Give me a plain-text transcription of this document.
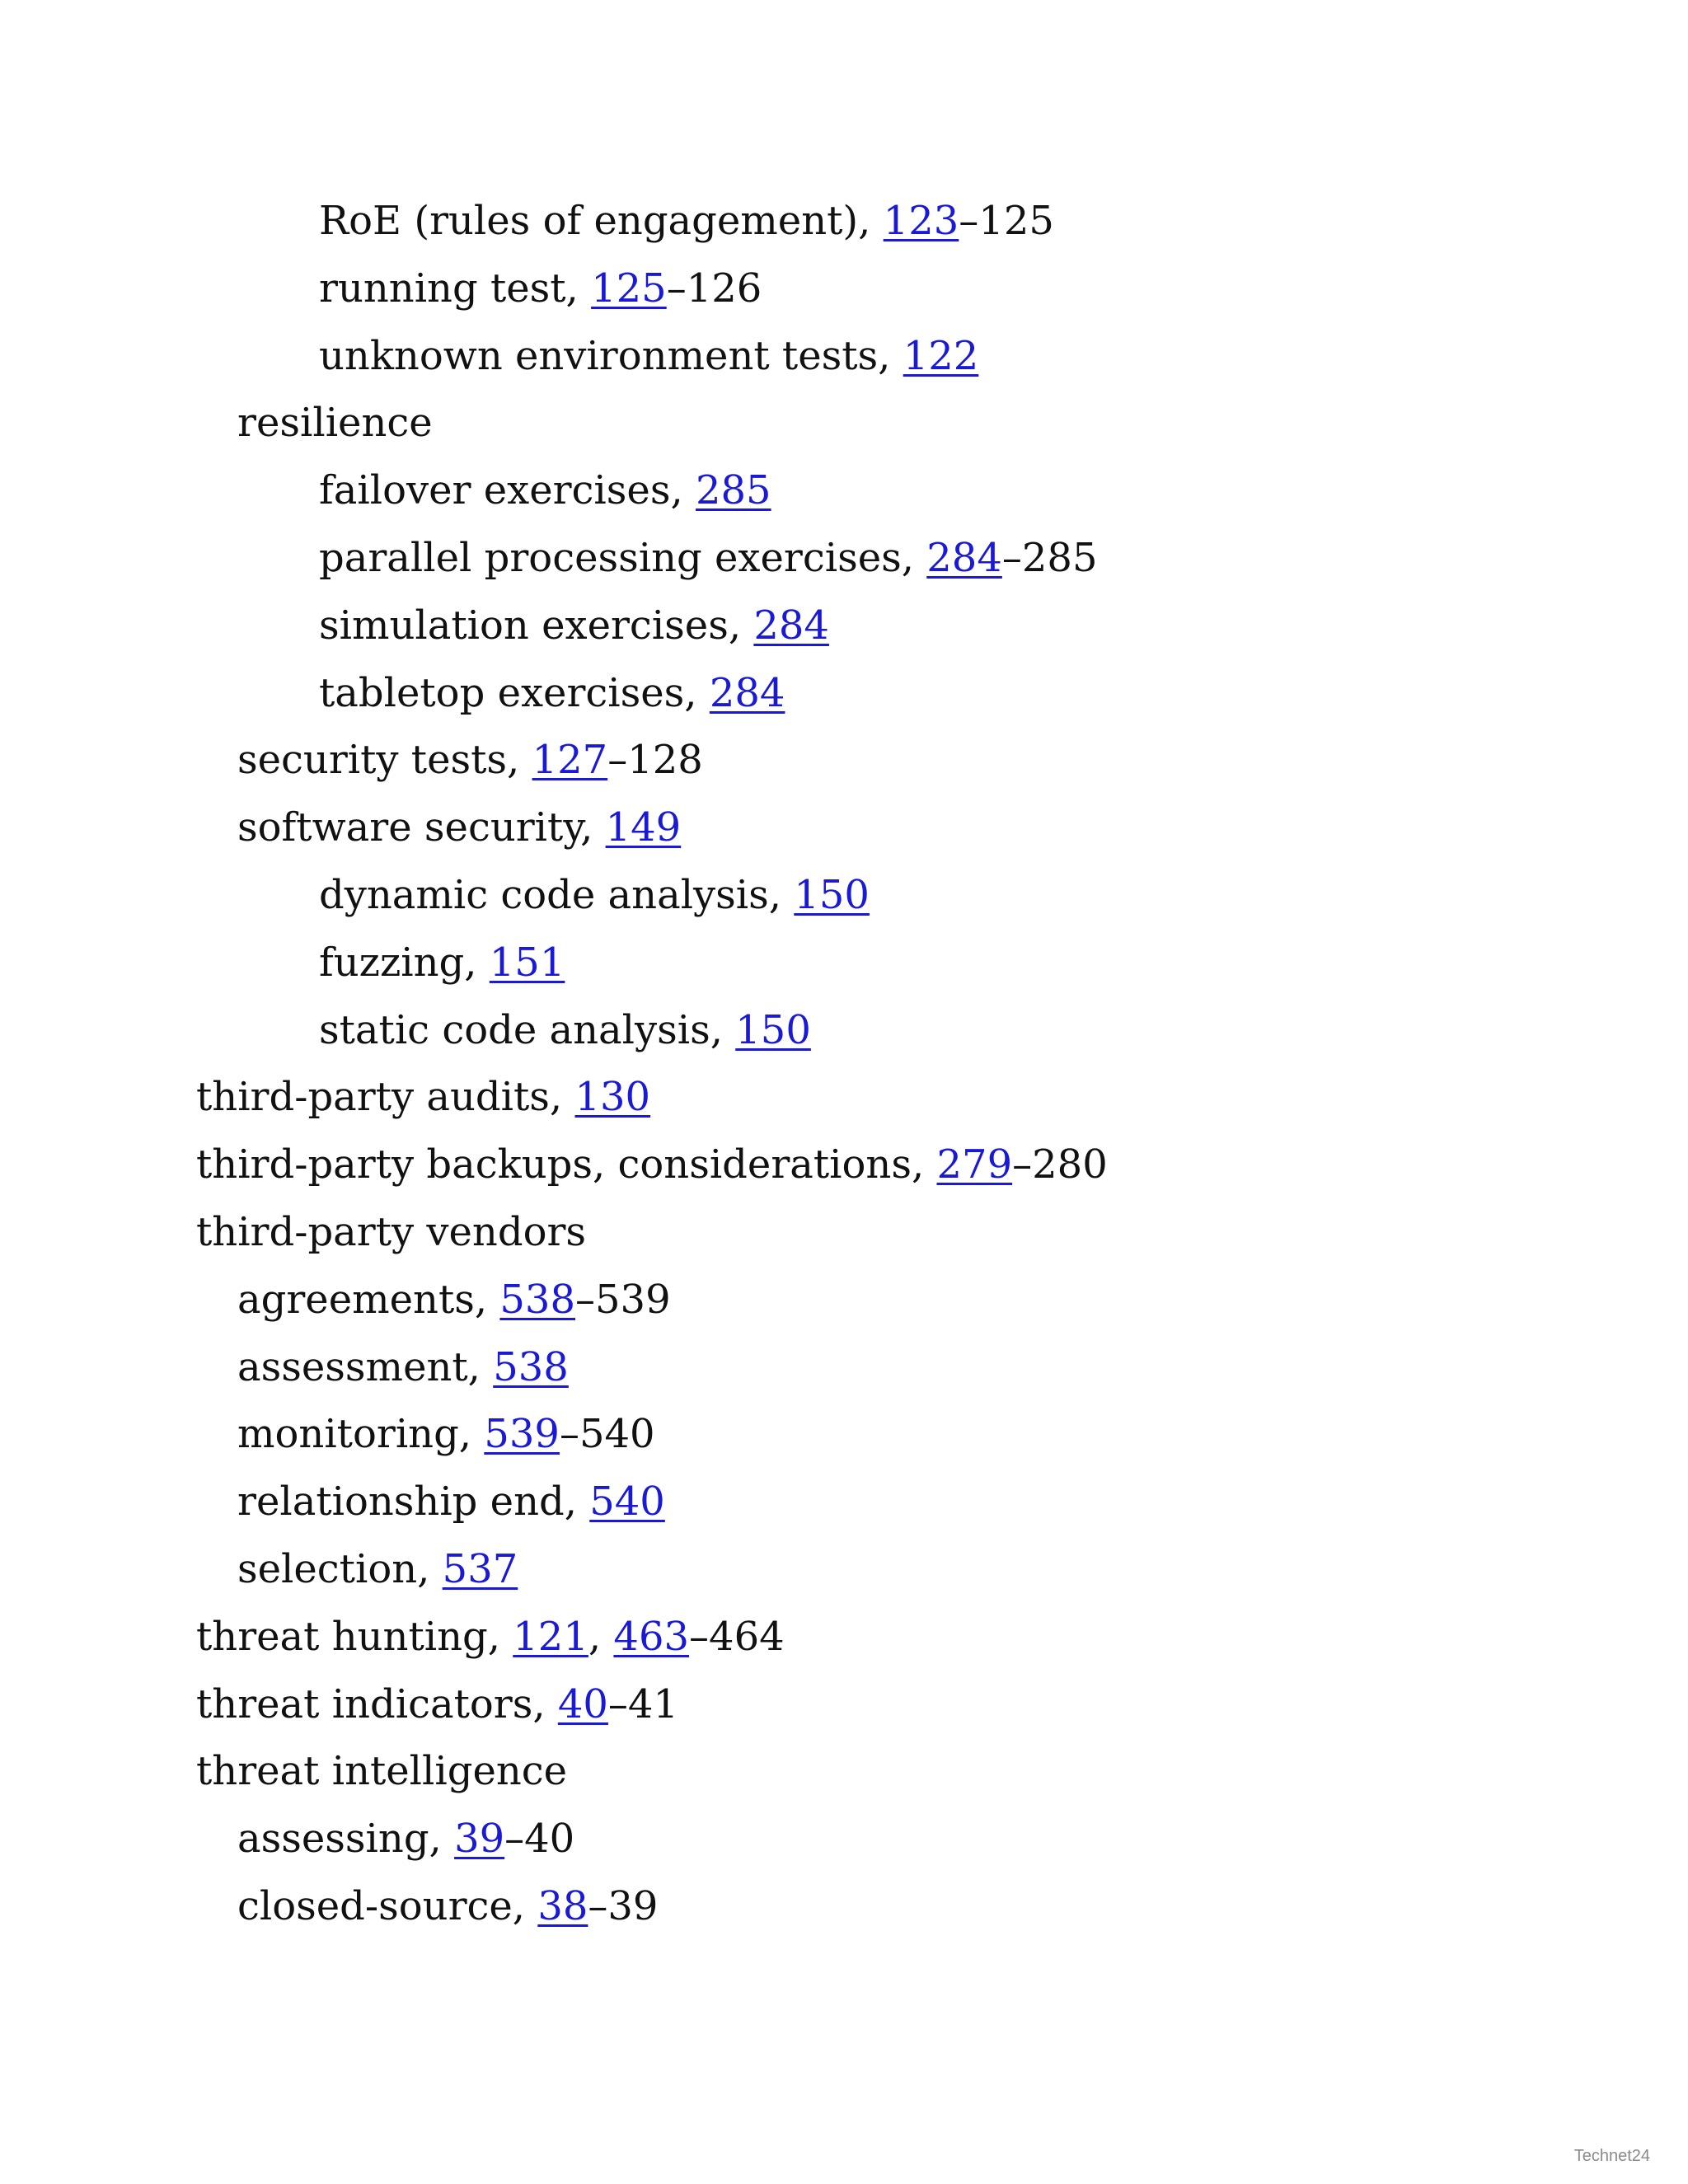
RoE (rules of engagement), 123–125
running test, 125–126
unknown environment tests, 122
resilience
failover exercises, 285
parallel processing exercises, 284–285
simulation exercises, 284
tabletop exercises, 284
security tests, 127–128
software security, 149
dynamic code analysis, 150
fuzzing, 151
static code analysis, 150
third-party audits, 130
third-party backups, considerations, 279–280
third-party vendors
agreements, 538–539
assessment, 538
monitoring, 539–540
relationship end, 540
selection, 537
threat hunting, 121, 463–464
threat indicators, 40–41
threat intelligence
assessing, 39–40
closed-source, 38–39
Technet24
